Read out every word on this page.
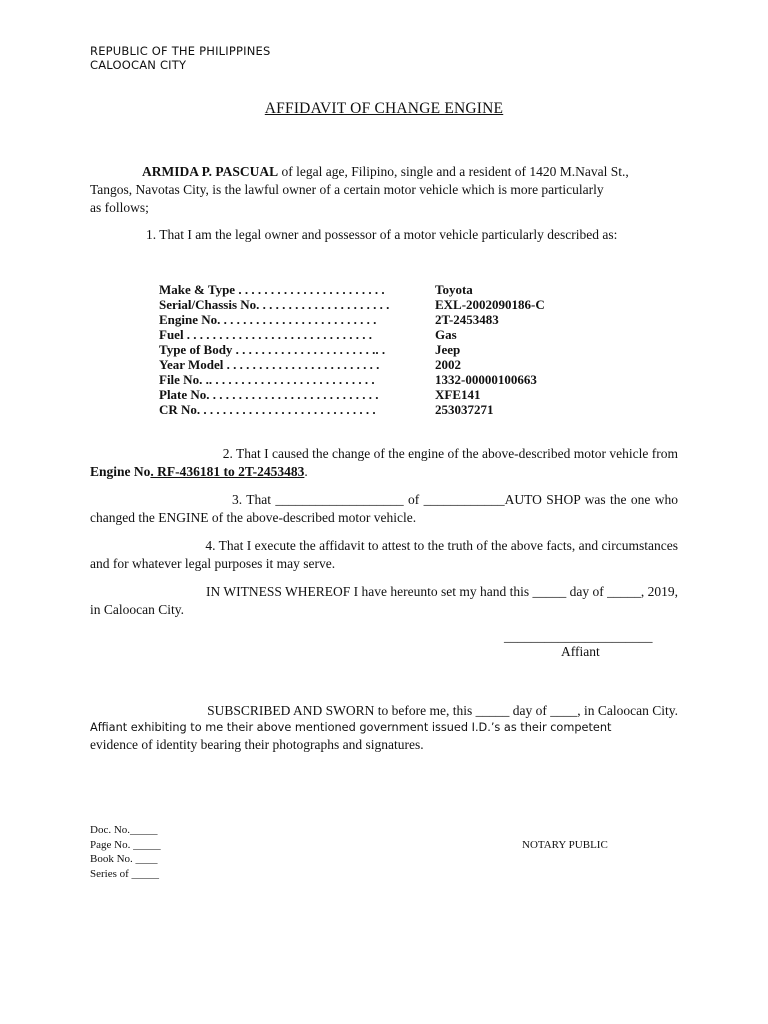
REPUBLIC OF THE PHILIPPINES
CALOOCAN CITY
AFFIDAVIT OF CHANGE ENGINE
ARMIDA P. PASCUAL of legal age, Filipino, single and a resident of 1420 M.Naval St.,
Tangos, Navotas City, is the lawful owner of a certain motor vehicle which is more particularly
as follows;
1. That I am the legal owner and possessor of a motor vehicle particularly described as:
Make & Type . . . . . . . . . . . . . . . . . . . . . . .	Toyota
Serial/Chassis No. . . . . . . . . . . . . . . . . . . . .	EXL-2002090186-C
Engine No. . . . . . . . . . . . . . . . . . . . . . . . .	2T-2453483
Fuel . . . . . . . . . . . . . . . . . . . . . . . . . . . . .	Gas
Type of Body . . . . . . . . . . . . . . . . . . . . . .. .	Jeep
Year Model . . . . . . . . . . . . . . . . . . . . . . . .	2002
File No. .. . . . . . . . . . . . . . . . . . . . . . . . . .	1332-00000100663
Plate No. . . . . . . . . . . . . . . . . . . . . . . . . . .	XFE141
CR No. . . . . . . . . . . . . . . . . . . . . . . . . . . .	253037271
2. That I caused the change of the engine of the above-described motor vehicle from
Engine No. RF-436181 to 2T-2453483.
3. That ___________________ of ____________AUTO SHOP was the one who
changed the ENGINE of the above-described motor vehicle.
4. That I execute the affidavit to attest to the truth of the above facts, and circumstances
and for whatever legal purposes it may serve.
IN WITNESS WHEREOF I have hereunto set my hand this _____ day of _____, 2019,
in Caloocan City.
______________________
Affiant
SUBSCRIBED AND SWORN to before me, this _____ day of ____, in Caloocan City.
Affiant exhibiting to me their above mentioned government issued I.D.’s as their competent
evidence of identity bearing their photographs and signatures.
Doc. No._____
Page No. _____
Book No. ____
Series of _____
NOTARY PUBLIC
